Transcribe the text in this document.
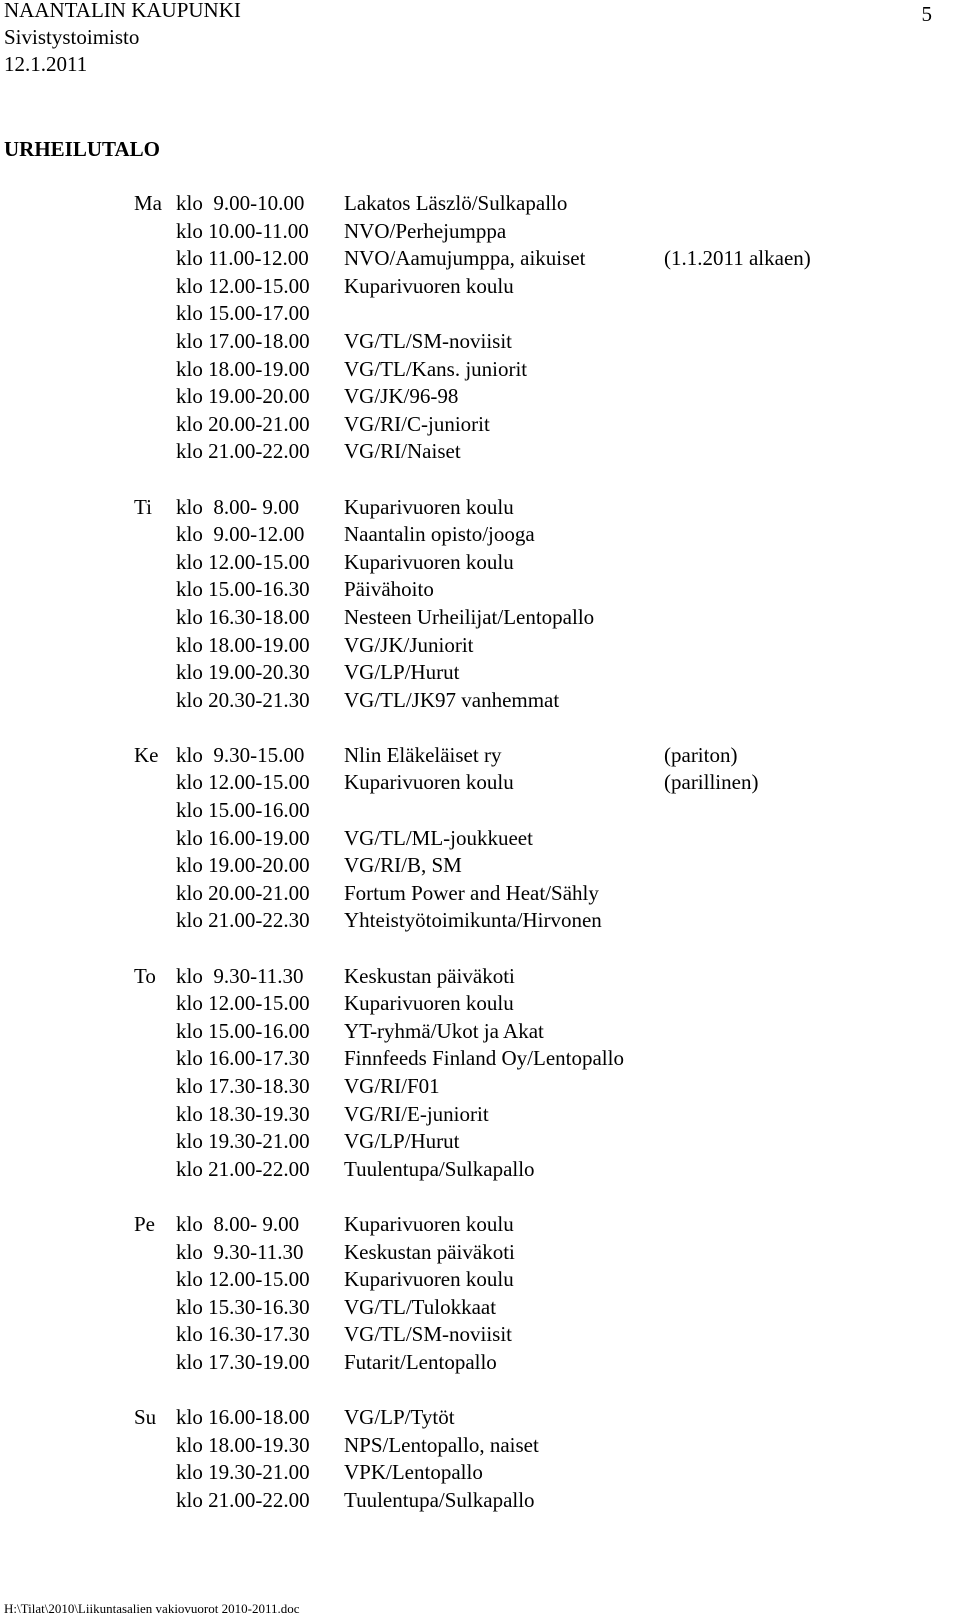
NAANTALIN KAUPUNKI
Sivistystoimisto
12.1.2011
5
URHEILUTALO
Ma klo  9.00-10.00 Lakatos Läszlö/Sulkapallo
klo 10.00-11.00 NVO/Perhejumppa
klo 11.00-12.00 NVO/Aamujumppa, aikuiset	(1.1.2011 alkaen)
klo 12.00-15.00 Kuparivuoren koulu
klo 15.00-17.00
klo 17.00-18.00 VG/TL/SM-noviisit
klo 18.00-19.00 VG/TL/Kans. juniorit
klo 19.00-20.00 VG/JK/96-98
klo 20.00-21.00 VG/RI/C-juniorit
klo 21.00-22.00 VG/RI/Naiset
Ti klo  8.00- 9.00 Kuparivuoren koulu
klo  9.00-12.00 Naantalin opisto/jooga
klo 12.00-15.00 Kuparivuoren koulu
klo 15.00-16.30 Päivähoito
klo 16.30-18.00 Nesteen Urheilijat/Lentopallo
klo 18.00-19.00 VG/JK/Juniorit
klo 19.00-20.30 VG/LP/Hurut
klo 20.30-21.30 VG/TL/JK97 vanhemmat
Ke klo  9.30-15.00 Nlin Eläkeläiset ry	(pariton)
klo 12.00-15.00 Kuparivuoren koulu	(parillinen)
klo 15.00-16.00
klo 16.00-19.00 VG/TL/ML-joukkueet
klo 19.00-20.00 VG/RI/B, SM
klo 20.00-21.00 Fortum Power and Heat/Sähly
klo 21.00-22.30 Yhteistyötoimikunta/Hirvonen
To klo  9.30-11.30 Keskustan päiväkoti
klo 12.00-15.00 Kuparivuoren koulu
klo 15.00-16.00 YT-ryhmä/Ukot ja Akat
klo 16.00-17.30 Finnfeeds Finland Oy/Lentopallo
klo 17.30-18.30 VG/RI/F01
klo 18.30-19.30 VG/RI/E-juniorit
klo 19.30-21.00 VG/LP/Hurut
klo 21.00-22.00 Tuulentupa/Sulkapallo
Pe klo  8.00- 9.00 Kuparivuoren koulu
klo  9.30-11.30 Keskustan päiväkoti
klo 12.00-15.00 Kuparivuoren koulu
klo 15.30-16.30 VG/TL/Tulokkaat
klo 16.30-17.30 VG/TL/SM-noviisit
klo 17.30-19.00 Futarit/Lentopallo
Su klo 16.00-18.00 VG/LP/Tytöt
klo 18.00-19.30 NPS/Lentopallo, naiset
klo 19.30-21.00 VPK/Lentopallo
klo 21.00-22.00 Tuulentupa/Sulkapallo
H:\Tilat\2010\Liikuntasalien vakiovuorot 2010-2011.doc
